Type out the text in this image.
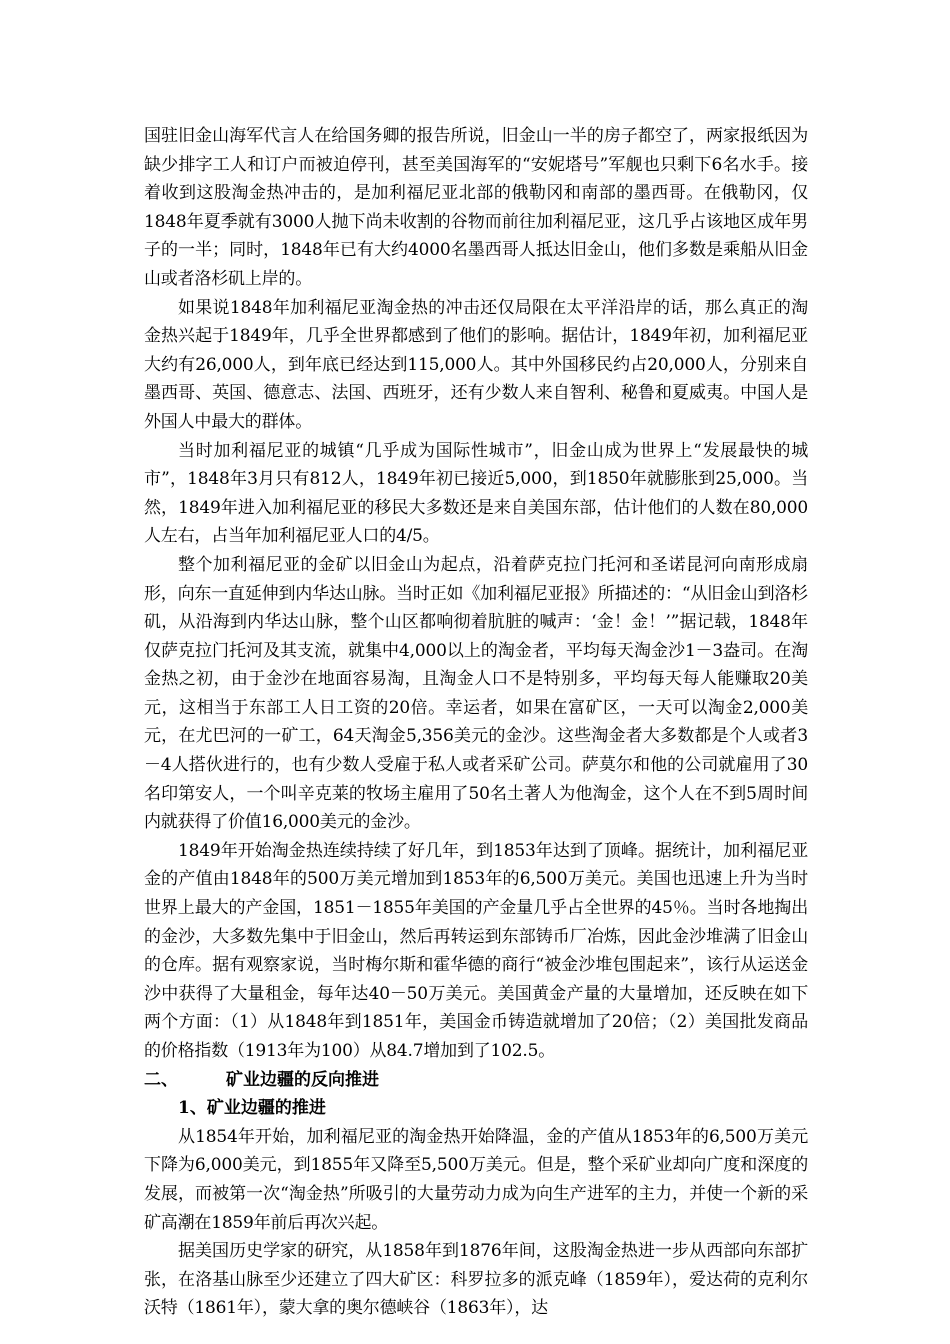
国驻旧金山海军代言人在给国务卿的报告所说，旧金山一半的房子都空了，两家报纸因为缺少排字工人和订户而被迫停刊，甚至美国海军的“安妮塔号”军舰也只剩下6名水手。接着收到这股淘金热冲击的，是加利福尼亚北部的俄勒冈和南部的墨西哥。在俄勒冈，仅1848年夏季就有3000人抛下尚未收割的谷物而前往加利福尼亚，这几乎占该地区成年男子的一半；同时，1848年已有大约4000名墨西哥人抵达旧金山，他们多数是乘船从旧金山或者洛杉矶上岸的。

如果说1848年加利福尼亚淘金热的冲击还仅局限在太平洋沿岸的话，那么真正的淘金热兴起于1849年，几乎全世界都感到了他们的影响。据估计，1849年初，加利福尼亚大约有26,000人，到年底已经达到115,000人。其中外国移民约占20,000人，分别来自墨西哥、英国、德意志、法国、西班牙，还有少数人来自智利、秘鲁和夏威夷。中国人是外国人中最大的群体。

当时加利福尼亚的城镇“几乎成为国际性城市”，旧金山成为世界上“发展最快的城市”，1848年3月只有812人，1849年初已接近5,000，到1850年就膨胀到25,000。当然，1849年进入加利福尼亚的移民大多数还是来自美国东部，估计他们的人数在80,000人左右，占当年加利福尼亚人口的4/5。

整个加利福尼亚的金矿以旧金山为起点，沿着萨克拉门托河和圣诺昆河向南形成扇形，向东一直延伸到内华达山脉。当时正如《加利福尼亚报》所描述的：“从旧金山到洛杉矶，从沿海到内华达山脉，整个山区都响彻着肮脏的喊声：‘金！金！’”据记载，1848年仅萨克拉门托河及其支流，就集中4,000以上的淘金者，平均每天淘金沙1－3盎司。在淘金热之初，由于金沙在地面容易淘，且淘金人口不是特别多，平均每天每人能赚取20美元，这相当于东部工人日工资的20倍。幸运者，如果在富矿区，一天可以淘金2,000美元，在尤巴河的一矿工，64天淘金5,356美元的金沙。这些淘金者大多数都是个人或者3－4人搭伙进行的，也有少数人受雇于私人或者采矿公司。萨莫尔和他的公司就雇用了30名印第安人，一个叫辛克莱的牧场主雇用了50名土著人为他淘金，这个人在不到5周时间内就获得了价值16,000美元的金沙。

1849年开始淘金热连续持续了好几年，到1853年达到了顶峰。据统计，加利福尼亚金的产值由1848年的500万美元增加到1853年的6,500万美元。美国也迅速上升为当时世界上最大的产金国，1851－1855年美国的产金量几乎占全世界的45％。当时各地掏出的金沙，大多数先集中于旧金山，然后再转运到东部铸币厂冶炼，因此金沙堆满了旧金山的仓库。据有观察家说，当时梅尔斯和霍华德的商行“被金沙堆包围起来”，该行从运送金沙中获得了大量租金，每年达40－50万美元。美国黄金产量的大量增加，还反映在如下两个方面：（1）从1848年到1851年，美国金币铸造就增加了20倍；（2）美国批发商品的价格指数（1913年为100）从84.7增加到了102.5。

二、	矿业边疆的反向推进

1、矿业边疆的推进

从1854年开始，加利福尼亚的淘金热开始降温，金的产值从1853年的6,500万美元下降为6,000美元，到1855年又降至5,500万美元。但是，整个采矿业却向广度和深度的发展，而被第一次“淘金热”所吸引的大量劳动力成为向生产进军的主力，并使一个新的采矿高潮在1859年前后再次兴起。

据美国历史学家的研究，从1858年到1876年间，这股淘金热进一步从西部向东部扩张，在洛基山脉至少还建立了四大矿区：科罗拉多的派克峰（1859年），爱达荷的克利尔沃特（1861年），蒙大拿的奥尔德峡谷（1863年），达
